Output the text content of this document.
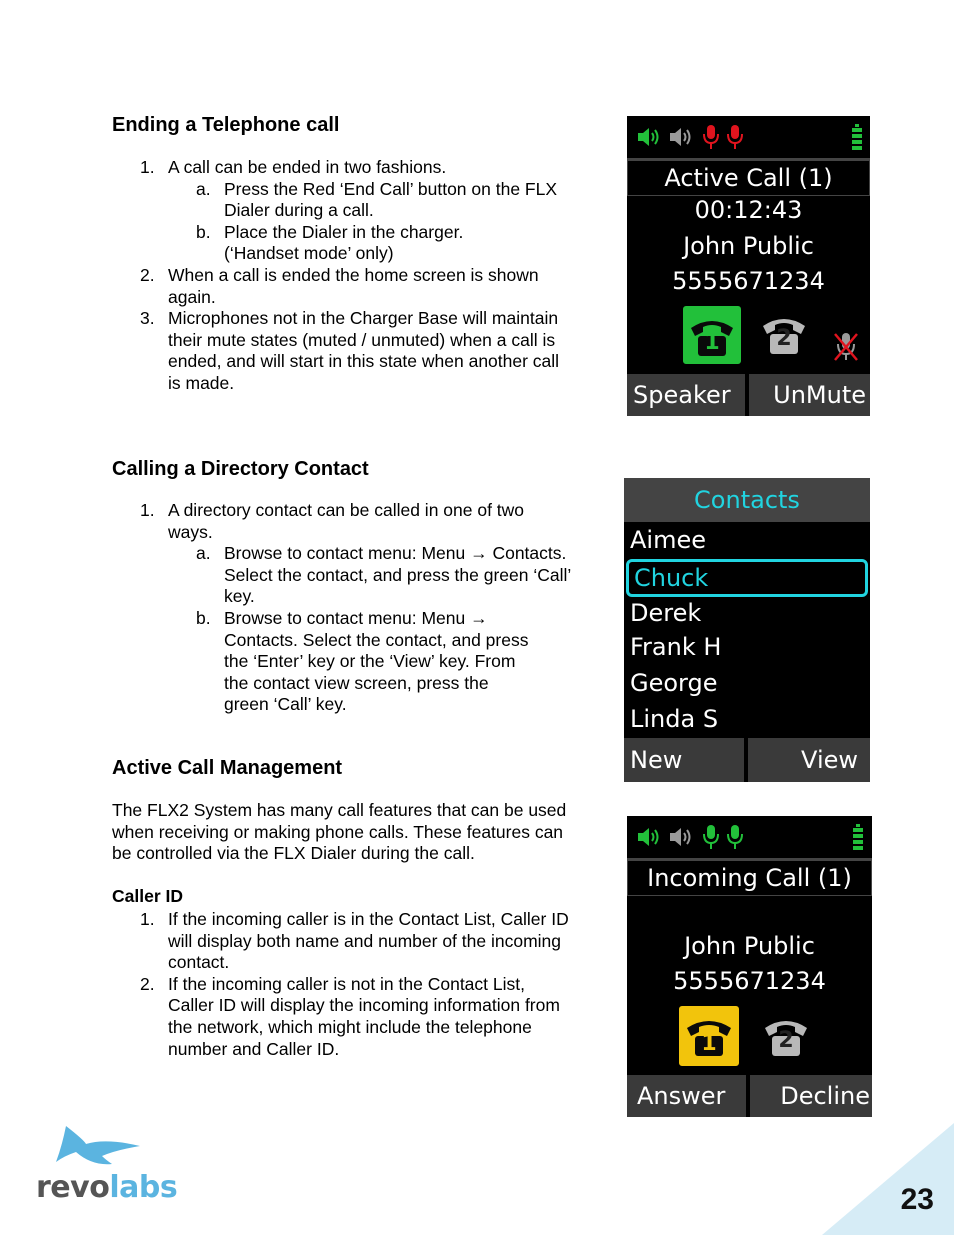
Ending a Telephone call
1. A call can be ended in two fashions.
a. Press the Red ‘End Call’ button on the FLX
Dialer during a call.
b. Place the Dialer in the charger.
(‘Handset mode’ only)
2. When a call is ended the home screen is shown
again.
3. Microphones not in the Charger Base will maintain
their mute states (muted / unmuted) when a call is
ended, and will start in this state when another call
is made.
Calling a Directory Contact
1. A directory contact can be called in one of two
ways.
a. Browse to contact menu: Menu → Contacts.
Select the contact, and press the green ‘Call’
key.
b. Browse to contact menu: Menu →
Contacts. Select the contact, and press
the ‘Enter’ key or the ‘View’ key. From
the contact view screen, press the
green ‘Call’ key.
Active Call Management
The FLX2 System has many call features that can be used
when receiving or making phone calls. These features can
be controlled via the FLX Dialer during the call.
Caller ID
1. If the incoming caller is in the Contact List, Caller ID
will display both name and number of the incoming
contact.
2. If the incoming caller is not in the Contact List,
Caller ID will display the incoming information from
the network, which might include the telephone
number and Caller ID.
Active Call (1)
00:12:43
John Public
5555671234
1	2
Speaker	UnMute
Contacts
Aimee
Chuck
Derek
Frank H
George
Linda S
New	View
Incoming Call (1)
John Public
5555671234
1	2
Answer	Decline
revolabs	23
